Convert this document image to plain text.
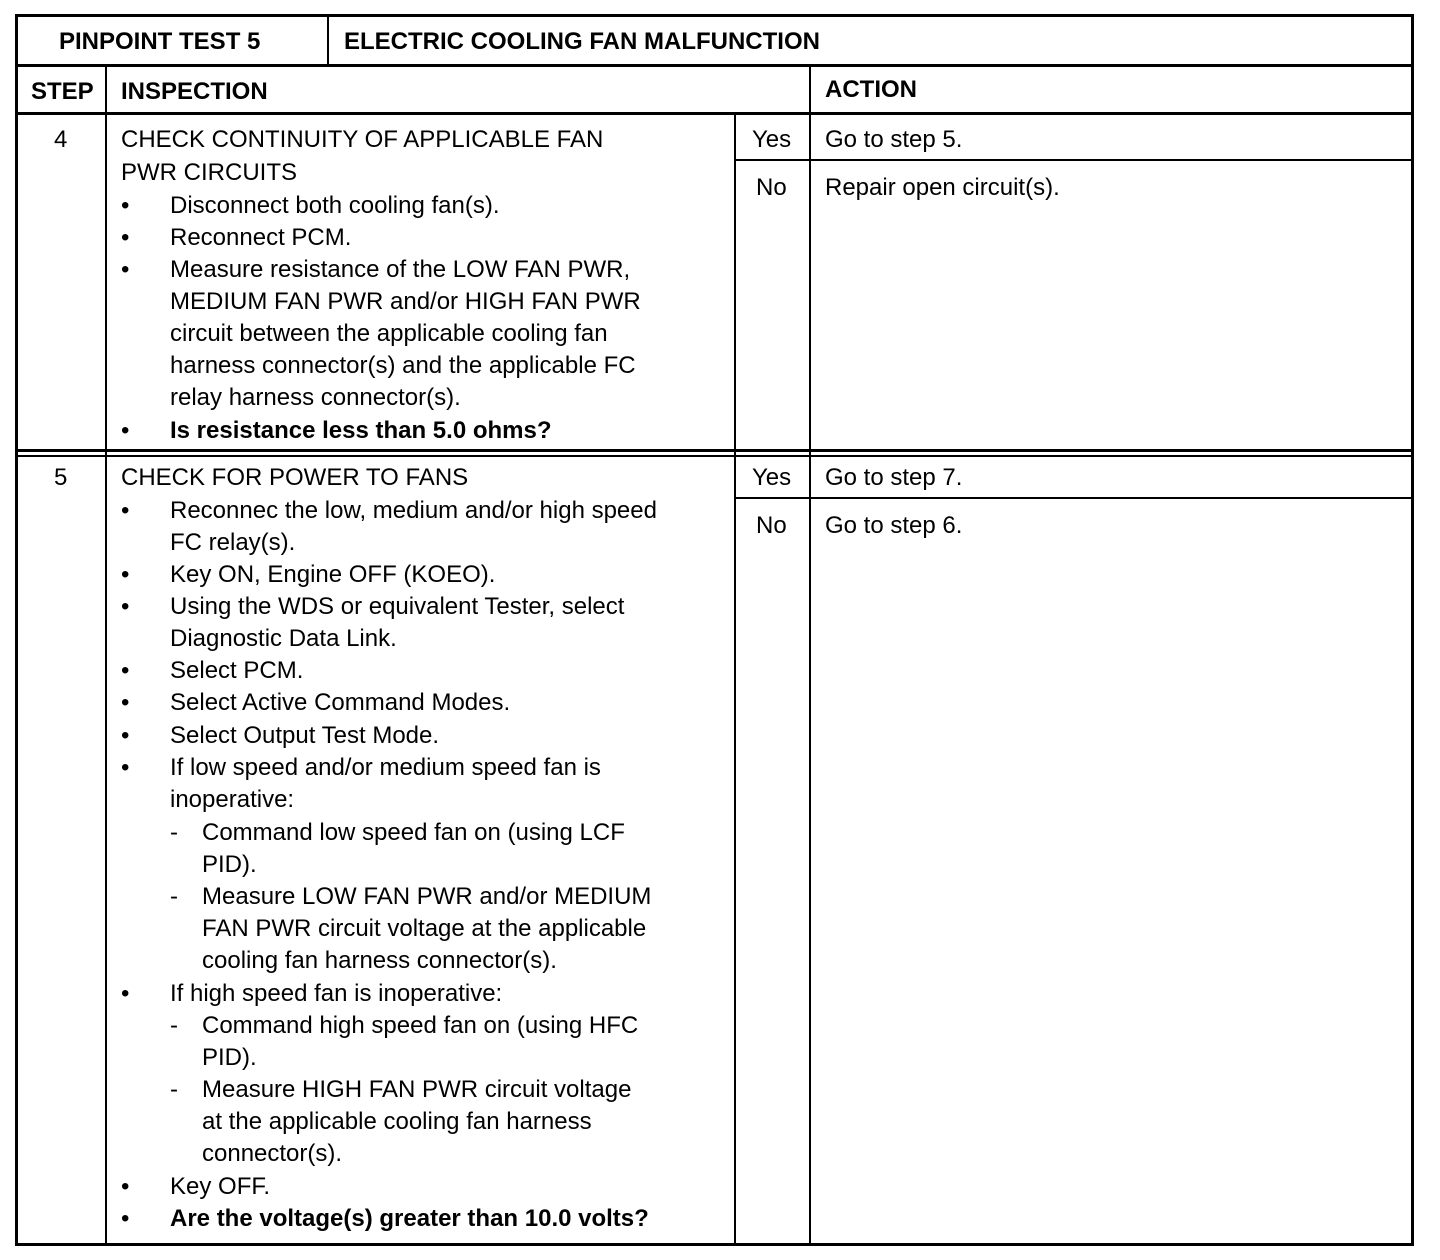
PINPOINT TEST 5	ELECTRIC COOLING FAN MALFUNCTION
STEP INSPECTION	ACTION
4 CHECK CONTINUITY OF APPLICABLE FAN
PWR CIRCUITS
• Disconnect both cooling fan(s).
• Reconnect PCM.
• Measure resistance of the LOW FAN PWR,
MEDIUM FAN PWR and/or HIGH FAN PWR
circuit between the applicable cooling fan
harness connector(s) and the applicable FC
relay harness connector(s).
• Is resistance less than 5.0 ohms?
Yes Go to step 5.
No Repair open circuit(s).
5 CHECK FOR POWER TO FANS
• Reconnec the low, medium and/or high speed
FC relay(s).
• Key ON, Engine OFF (KOEO).
• Using the WDS or equivalent Tester, select
Diagnostic Data Link.
• Select PCM.
• Select Active Command Modes.
• Select Output Test Mode.
• If low speed and/or medium speed fan is
inoperative:
- Command low speed fan on (using LCF
PID).
- Measure LOW FAN PWR and/or MEDIUM
FAN PWR circuit voltage at the applicable
cooling fan harness connector(s).
• If high speed fan is inoperative:
- Command high speed fan on (using HFC
PID).
- Measure HIGH FAN PWR circuit voltage
at the applicable cooling fan harness
connector(s).
• Key OFF.
• Are the voltage(s) greater than 10.0 volts?
Yes Go to step 7.
No Go to step 6.
